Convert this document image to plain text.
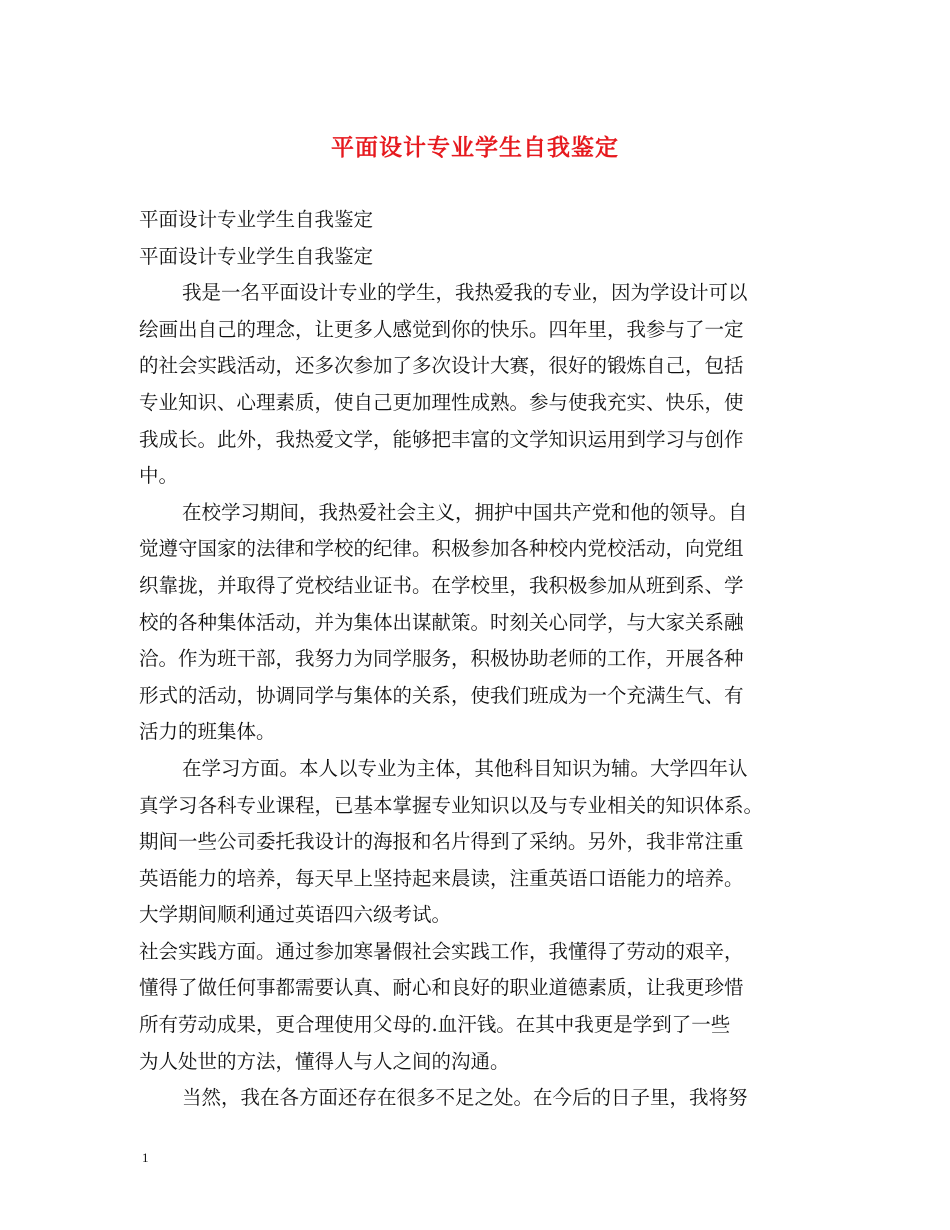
平面设计专业学生自我鉴定

平面设计专业学生自我鉴定

平面设计专业学生自我鉴定

我是一名平面设计专业的学生，我热爱我的专业，因为学设计可以

绘画出自己的理念，让更多人感觉到你的快乐。四年里，我参与了一定

的社会实践活动，还多次参加了多次设计大赛，很好的锻炼自己，包括

专业知识、心理素质，使自己更加理性成熟。参与使我充实、快乐，使

我成长。此外，我热爱文学，能够把丰富的文学知识运用到学习与创作

中。

在校学习期间，我热爱社会主义，拥护中国共产党和他的领导。自

觉遵守国家的法律和学校的纪律。积极参加各种校内党校活动，向党组

织靠拢，并取得了党校结业证书。在学校里，我积极参加从班到系、学

校的各种集体活动，并为集体出谋献策。时刻关心同学，与大家关系融

洽。作为班干部，我努力为同学服务，积极协助老师的工作，开展各种

形式的活动，协调同学与集体的关系，使我们班成为一个充满生气、有

活力的班集体。

在学习方面。本人以专业为主体，其他科目知识为辅。大学四年认

真学习各科专业课程，已基本掌握专业知识以及与专业相关的知识体系。

期间一些公司委托我设计的海报和名片得到了采纳。另外，我非常注重

英语能力的培养，每天早上坚持起来晨读，注重英语口语能力的培养。

大学期间顺利通过英语四六级考试。

社会实践方面。通过参加寒暑假社会实践工作，我懂得了劳动的艰辛，

懂得了做任何事都需要认真、耐心和良好的职业道德素质，让我更珍惜

所有劳动成果，更合理使用父母的.血汗钱。在其中我更是学到了一些

为人处世的方法，懂得人与人之间的沟通。

当然，我在各方面还存在很多不足之处。在今后的日子里，我将努

1
